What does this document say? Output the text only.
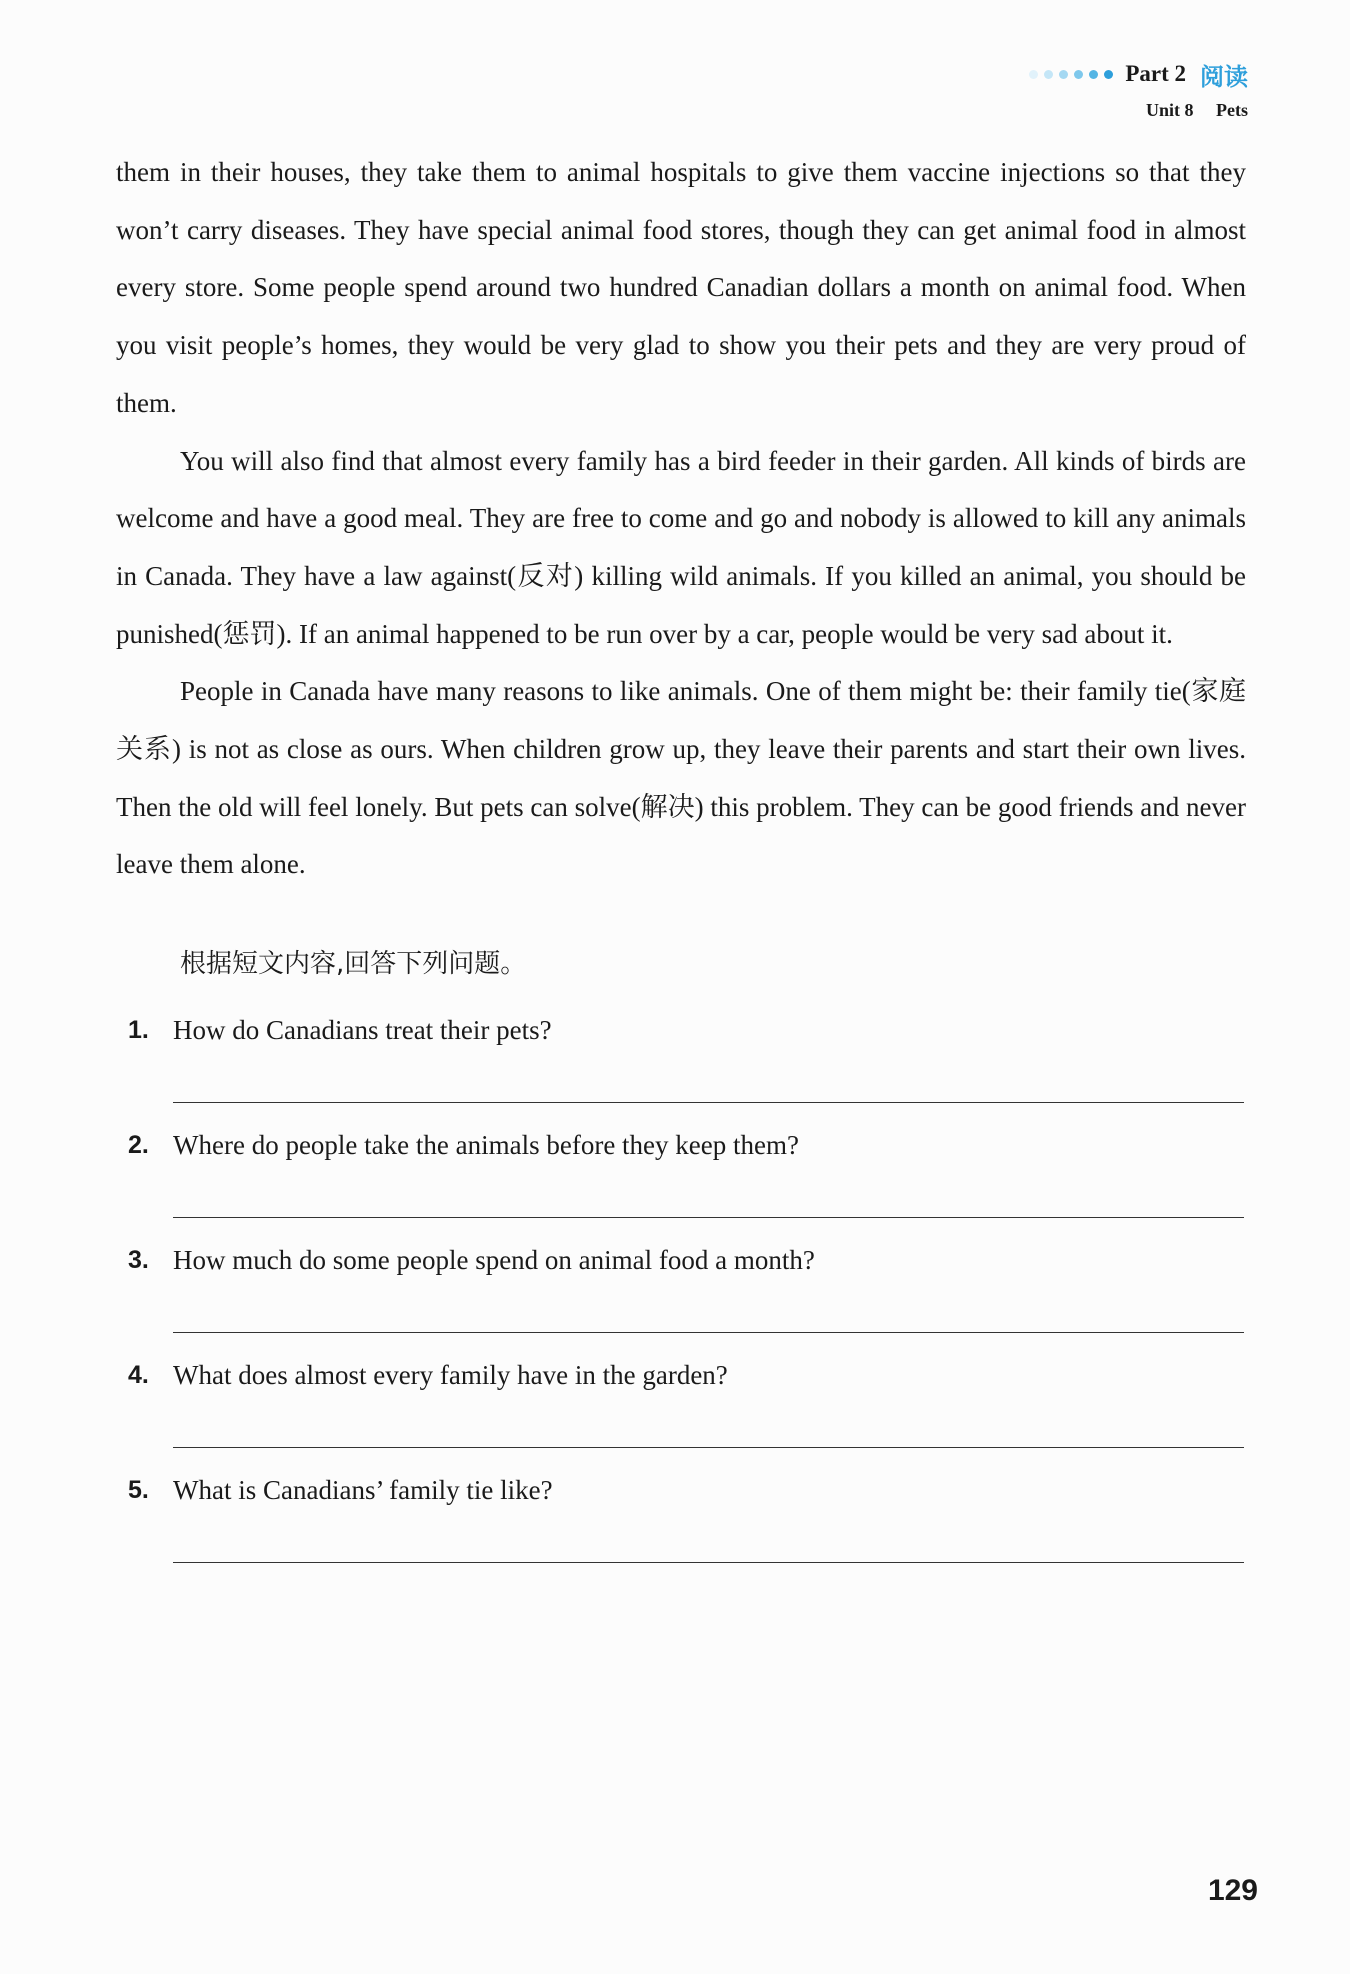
Part 2 阅读
Unit 8 Pets

them in their houses, they take them to animal hospitals to give them vaccine injections so that they won’t carry diseases. They have special animal food stores, though they can get animal food in almost every store. Some people spend around two hundred Canadian dollars a month on animal food. When you visit people’s homes, they would be very glad to show you their pets and they are very proud of them.

You will also find that almost every family has a bird feeder in their garden. All kinds of birds are welcome and have a good meal. They are free to come and go and nobody is allowed to kill any animals in Canada. They have a law against(反对) killing wild animals. If you killed an animal, you should be punished(惩罚). If an animal happened to be run over by a car, people would be very sad about it.

People in Canada have many reasons to like animals. One of them might be: their family tie(家庭关系) is not as close as ours. When children grow up, they leave their parents and start their own lives. Then the old will feel lonely. But pets can solve(解决) this problem. They can be good friends and never leave them alone.

根据短文内容,回答下列问题。
1. How do Canadians treat their pets?
2. Where do people take the animals before they keep them?
3. How much do some people spend on animal food a month?
4. What does almost every family have in the garden?
5. What is Canadians’ family tie like?
129
